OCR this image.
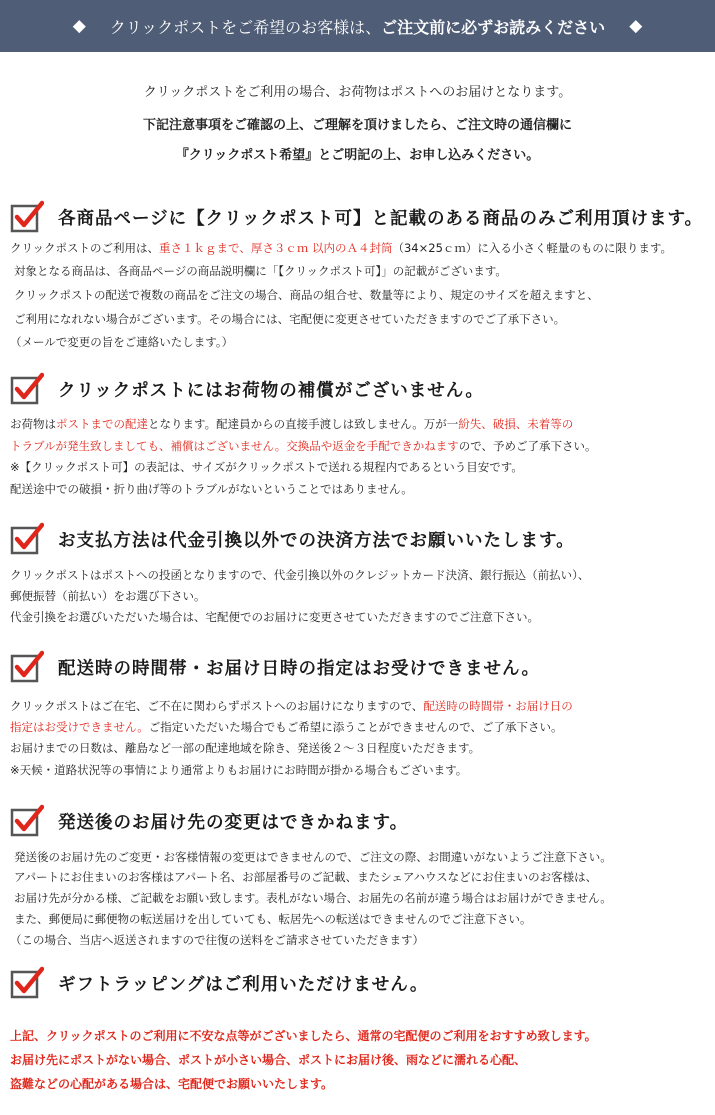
◆ クリックポストをご希望のお客様は、 ご注文前に必ずお読みください ◆
クリックポストをご利用の場合、お荷物はポストへのお届けとなります。
下記注意事項をご確認の上、ご理解を頂けましたら、ご注文時の通信欄に
『クリックポスト希望』とご明記の上、お申し込みください。
各商品ページに【クリックポスト可】と記載のある商品のみご利用頂けます。
クリックポストのご利用は、重さ１ｋｇまで、厚さ３ｃｍ 以内のＡ４封筒（34×25ｃｍ）に入る小さく軽量のものに限ります。
対象となる商品は、各商品ページの商品説明欄に「【クリックポスト可】」の記載がございます。
クリックポストの配送で複数の商品をご注文の場合、商品の組合せ、数量等により、規定のサイズを超えますと、
ご利用になれない場合がございます。その場合には、宅配便に変更させていただきますのでご了承下さい。
（メールで変更の旨をご連絡いたします。）
クリックポストにはお荷物の補償がございません。
お荷物はポストまでの配達となります。配達員からの直接手渡しは致しません。万が一紛失、破損、未着等の
トラブルが発生致しましても、補償はございません。交換品や返金を手配できかねますので、予めご了承下さい。
※【クリックポスト可】の表記は、サイズがクリックポストで送れる規程内であるという目安です。
配送途中での破損・折り曲げ等のトラブルがないということではありません。
お支払方法は代金引換以外での決済方法でお願いいたします。
クリックポストはポストへの投函となりますので、代金引換以外のクレジットカード決済、銀行振込（前払い）、
郵便振替（前払い）をお選び下さい。
代金引換をお選びいただいた場合は、宅配便でのお届けに変更させていただきますのでご注意下さい。
配送時の時間帯・お届け日時の指定はお受けできません。
クリックポストはご在宅、ご不在に関わらずポストへのお届けになりますので、配送時の時間帯・お届け日の
指定はお受けできません。ご指定いただいた場合でもご希望に添うことができませんので、ご了承下さい。
お届けまでの日数は、離島など一部の配達地域を除き、発送後２〜３日程度いただきます。
※天候・道路状況等の事情により通常よりもお届けにお時間が掛かる場合もございます。
発送後のお届け先の変更はできかねます。
発送後のお届け先のご変更・お客様情報の変更はできませんので、ご注文の際、お間違いがないようご注意下さい。
アパートにお住まいのお客様はアパート名、お部屋番号のご記載、またシェアハウスなどにお住まいのお客様は、
お届け先が分かる様、ご記載をお願い致します。表札がない場合、お届先の名前が違う場合はお届けができません。
また、郵便局に郵便物の転送届けを出していても、転居先への転送はできませんのでご注意下さい。
（この場合、当店へ返送されますので往復の送料をご請求させていただきます）
ギフトラッピングはご利用いただけません。
上記、クリックポストのご利用に不安な点等がございましたら、通常の宅配便のご利用をおすすめ致します。
お届け先にポストがない場合、ポストが小さい場合、ポストにお届け後、雨などに濡れる心配、
盗難などの心配がある場合は、宅配便でお願いいたします。
